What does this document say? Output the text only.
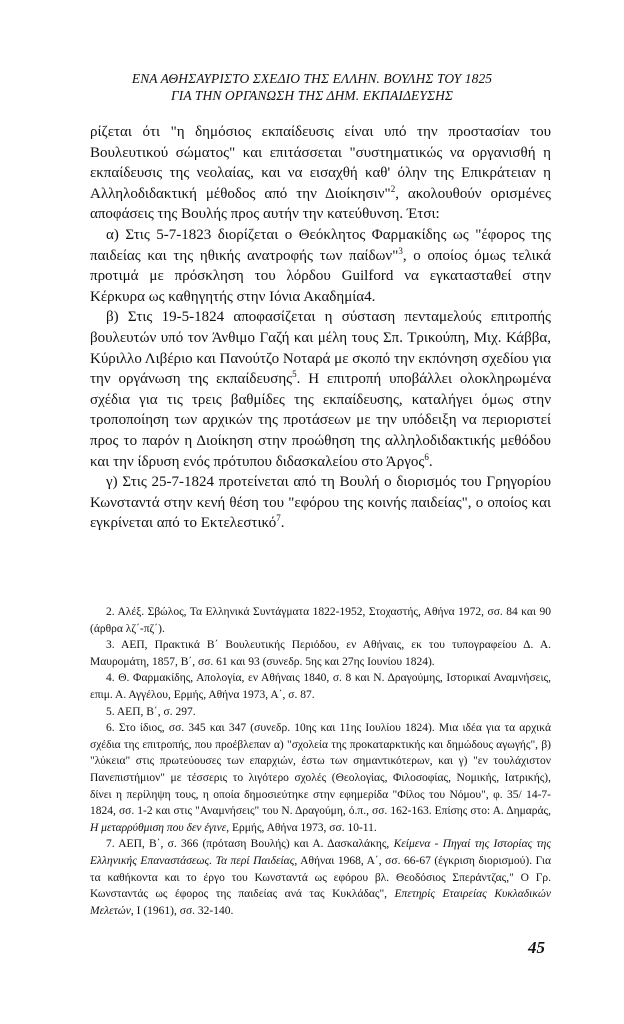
ΕΝΑ ΑΘΗΣΑΥΡΙΣΤΟ ΣΧΕΔΙΟ ΤΗΣ ΕΛΛΗΝ. ΒΟΥΛΗΣ ΤΟΥ 1825
ΓΙΑ ΤΗΝ ΟΡΓΑΝΩΣΗ ΤΗΣ ΔΗΜ. ΕΚΠΑΙΔΕΥΣΗΣ

ρίζεται ότι "η δημόσιος εκπαίδευσις είναι υπό την προστασίαν του Βουλευτικού σώματος" και επιτάσσεται "συστηματικώς να οργανισθή η εκπαίδευσις της νεολαίας, και να εισαχθή καθ' όλην της Επικράτειαν η Αλληλοδιδακτική μέθοδος από την Διοίκησιν"$^2$, ακολουθούν ορισμένες αποφάσεις της Βουλής προς αυτήν την κατεύθυνση. Έτσι:

α) Στις 5-7-1823 διορίζεται ο Θεόκλητος Φαρμακίδης ως "έφορος της παιδείας και της ηθικής ανατροφής των παίδων"$^3$, ο οποίος όμως τελικά προτιμά με πρόσκληση του λόρδου Guilford να εγκατασταθεί στην Κέρκυρα ως καθηγητής στην Ιόνια Ακαδημία4.

β) Στις 19-5-1824 αποφασίζεται η σύσταση πενταμελούς επιτροπής βουλευτών υπό τον Άνθιμο Γαζή και μέλη τους Σπ. Τρικούπη, Μιχ. Κάββα, Κύριλλο Λιβέριο και Πανούτζο Νοταρά με σκοπό την εκπόνηση σχεδίου για την οργάνωση της εκπαίδευσης$^5$. Η επιτροπή υποβάλλει ολοκληρωμένα σχέδια για τις τρεις βαθμίδες της εκπαίδευσης, καταλήγει όμως στην τροποποίηση των αρχικών της προτάσεων με την υπόδειξη να περιοριστεί προς το παρόν η Διοίκηση στην προώθηση της αλληλοδιδακτικής μεθόδου και την ίδρυση ενός πρότυπου διδασκαλείου στο Άργος$^6$.

γ) Στις 25-7-1824 προτείνεται από τη Βουλή ο διορισμός του Γρηγορίου Κωνσταντά στην κενή θέση του "εφόρου της κοινής παιδείας", ο οποίος και εγκρίνεται από το Εκτελεστικό$^7$.

2. Αλέξ. Σβώλος, Τα Ελληνικά Συντάγματα 1822-1952, Στοχαστής, Αθήνα 1972, σσ. 84 και 90 (άρθρα λζ΄-πζ΄).

3. ΑΕΠ, Πρακτικά Β΄ Βουλευτικής Περιόδου, εν Αθήναις, εκ του τυπογραφείου Δ. Α. Μαυρομάτη, 1857, Β΄, σσ. 61 και 93 (συνεδρ. 5ης και 27ης Ιουνίου 1824).

4. Θ. Φαρμακίδης, Απολογία, εν Αθήναις 1840, σ. 8 και Ν. Δραγούμης, Ιστορικαί Αναμνήσεις, επιμ. Α. Αγγέλου, Ερμής, Αθήνα 1973, Α΄, σ. 87.

5. ΑΕΠ, Β΄, σ. 297.

6. Στο ίδιος, σσ. 345 και 347 (συνεδρ. 10ης και 11ης Ιουλίου 1824). Μια ιδέα για τα αρχικά σχέδια της επιτροπής, που προέβλεπαν α) "σχολεία της προκαταρκτικής και δημώδους αγωγής", β) "λύκεια" στις πρωτεύουσες των επαρχιών, έστω των σημαντικότερων, και γ) "εν τουλάχιστον Πανεπιστήμιον" με τέσσερις το λιγότερο σχολές (Θεολογίας, Φιλοσοφίας, Νομικής, Ιατρικής), δίνει η περίληψη τους, η οποία δημοσιεύτηκε στην εφημερίδα "Φίλος του Νόμου", φ. 35/ 14-7-1824, σσ. 1-2 και στις "Αναμνήσεις" του Ν. Δραγούμη, ό.π., σσ. 162-163. Επίσης στο: Α. Δημαράς, Η μεταρρύθμιση που δεν έγινε, Ερμής, Αθήνα 1973, σσ. 10-11.

7. ΑΕΠ, Β΄, σ. 366 (πρόταση Βουλής) και Α. Δασκαλάκης, Κείμενα - Πηγαί της Ιστορίας της Ελληνικής Επαναστάσεως. Τα περί Παιδείας, Αθήναι 1968, Α΄, σσ. 66-67 (έγκριση διορισμού). Για τα καθήκοντα και το έργο του Κωνσταντά ως εφόρου βλ. Θεοδόσιος Σπεράντζας," Ο Γρ. Κωνσταντάς ως έφορος της παιδείας ανά τας Κυκλάδας", Επετηρίς Εταιρείας Κυκλαδικών Μελετών, Ι (1961), σσ. 32-140.

45
